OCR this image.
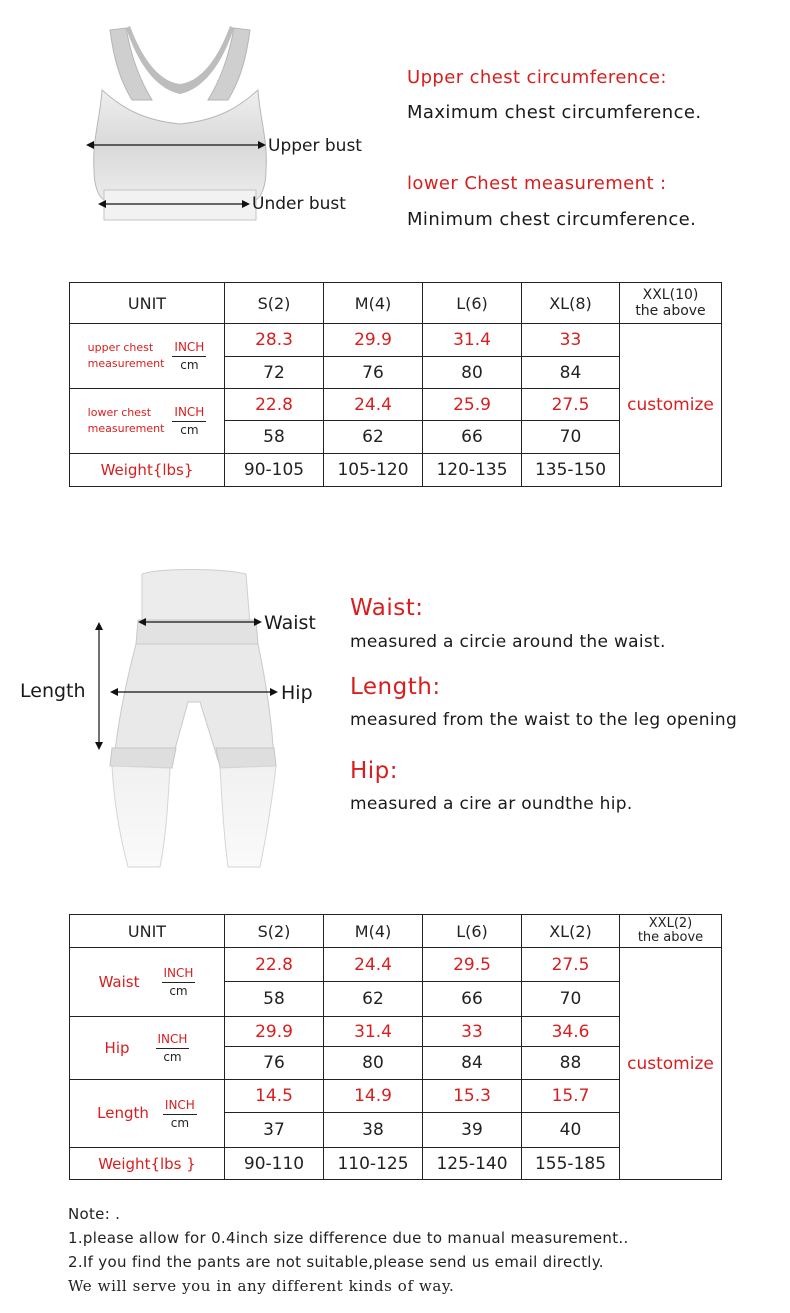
Upper bust
Under bust
Upper chest circumference:
Maximum chest circumference.
lower Chest measurement :
Minimum chest circumference.
UNIT	S(2)	M(4)	L(6)	XL(8)	XXL(10)
the above

upper chest
measurement
INCH
cm	28.3	29.9	31.4	33	customize
	72	76	80	84	

lower chest
measurement
INCH
cm	22.8	24.4	25.9	27.5	
	58	62	66	70	
Weight{lbs}	90-105	105-120	120-135	135-150	
Waist
Length	Hip
Waist:
measured a circie around the waist.
Length:
measured from the waist to the leg opening
Hip:
measured a cire ar oundthe hip.
UNIT	S(2)	M(4)	L(6)	XL(2)	XXL(2)
the above

Waist INCH
cm	22.8	24.4	29.5	27.5	customize
	58	62	66	70	

Hip INCH
cm	29.9	31.4	33	34.6	
	76	80	84	88	

Length INCH
cm	14.5	14.9	15.3	15.7	
	37	38	39	40	
Weight{lbs }	90-110	110-125	125-140	155-185	
Note: .
1.please allow for 0.4inch size difference due to manual measurement..
2.If you find the pants are not suitable,please send us email directly.
We will serve you in any different kinds of way.
